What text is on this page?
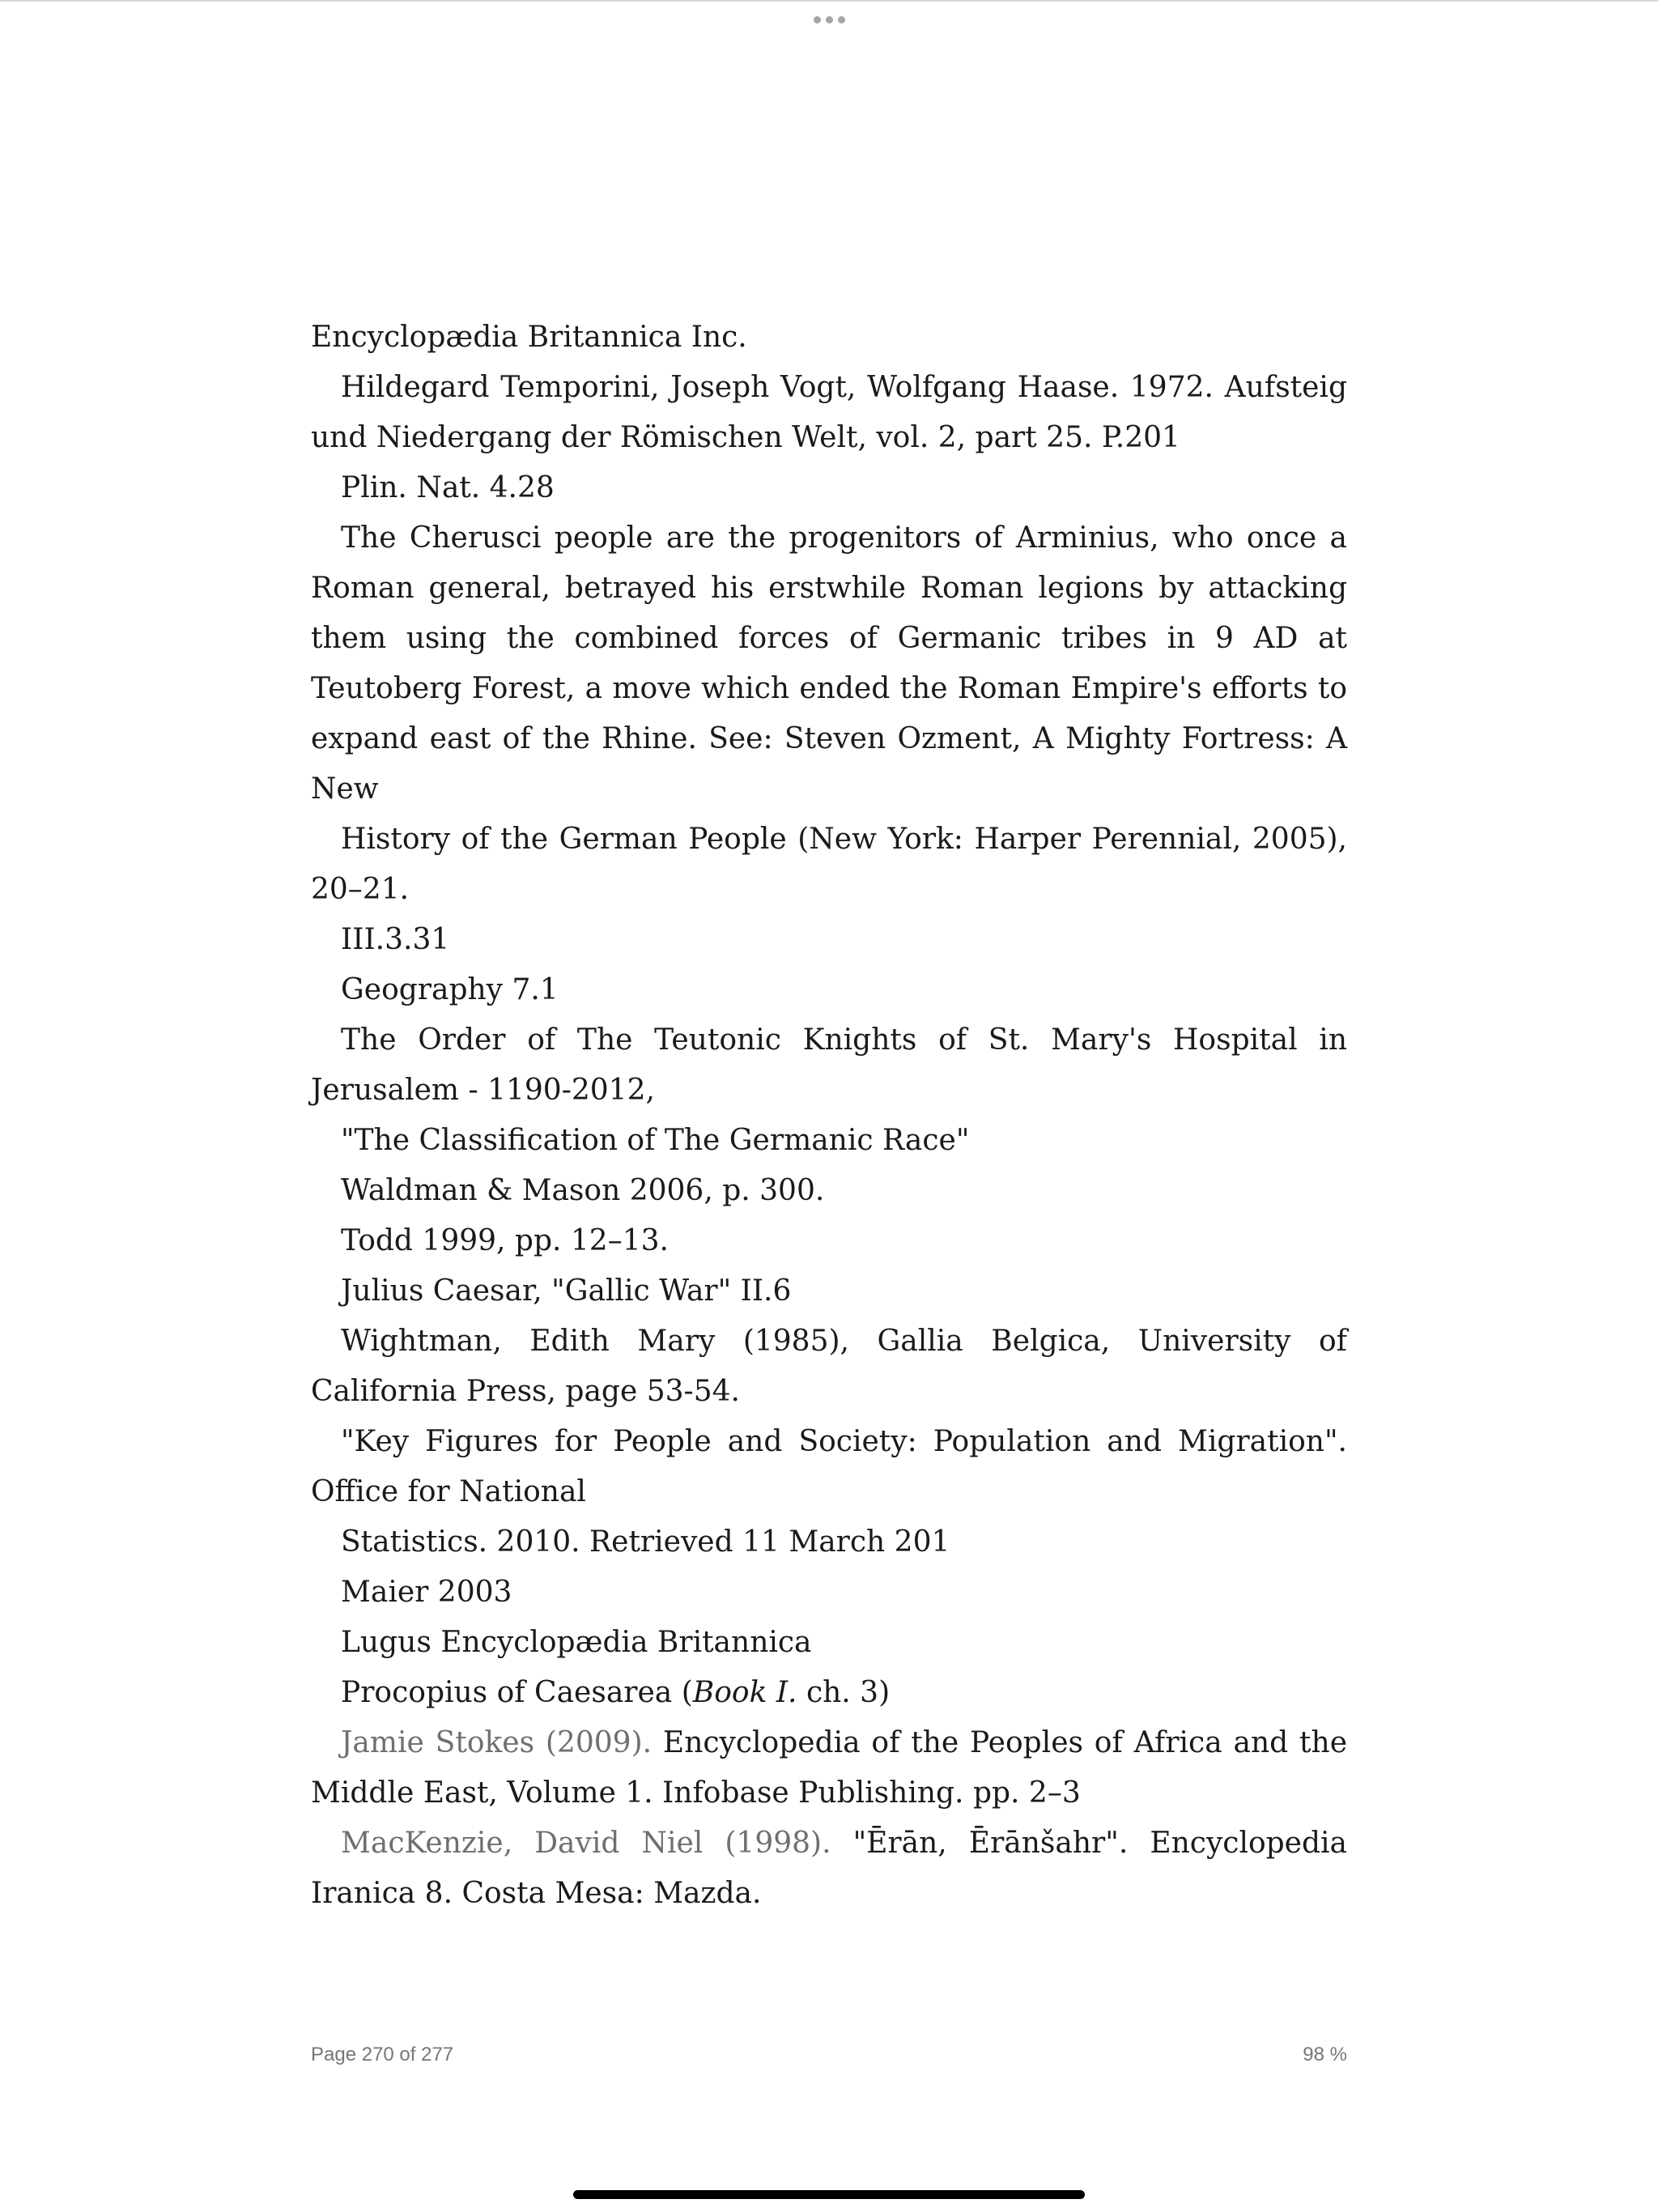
Encyclopædia Britannica Inc.

Hildegard Temporini, Joseph Vogt, Wolfgang Haase. 1972. Aufsteig und Niedergang der Römischen Welt, vol. 2, part 25. P.201

Plin. Nat. 4.28

The Cherusci people are the progenitors of Arminius, who once a Roman general, betrayed his erstwhile Roman legions by attacking them using the combined forces of Germanic tribes in 9 AD at Teutoberg Forest, a move which ended the Roman Empire's efforts to expand east of the Rhine. See: Steven Ozment, A Mighty Fortress: A New

History of the German People (New York: Harper Perennial, 2005), 20–21.

III.3.31

Geography 7.1

The Order of The Teutonic Knights of St. Mary's Hospital in Jerusalem - 1190-2012,

"The Classification of The Germanic Race"

Waldman & Mason 2006, p. 300.

Todd 1999, pp. 12–13.

Julius Caesar, "Gallic War" II.6

Wightman, Edith Mary (1985), Gallia Belgica, University of California Press, page 53-54.

"Key Figures for People and Society: Population and Migration". Office for National

Statistics. 2010. Retrieved 11 March 201

Maier 2003

Lugus Encyclopædia Britannica

Procopius of Caesarea (Book I. ch. 3)

Jamie Stokes (2009). Encyclopedia of the Peoples of Africa and the Middle East, Volume 1. Infobase Publishing. pp. 2–3

MacKenzie, David Niel (1998). "Ērān, Ērānšahr". Encyclopedia Iranica 8. Costa Mesa: Mazda.

Page 270 of 277	98 %
